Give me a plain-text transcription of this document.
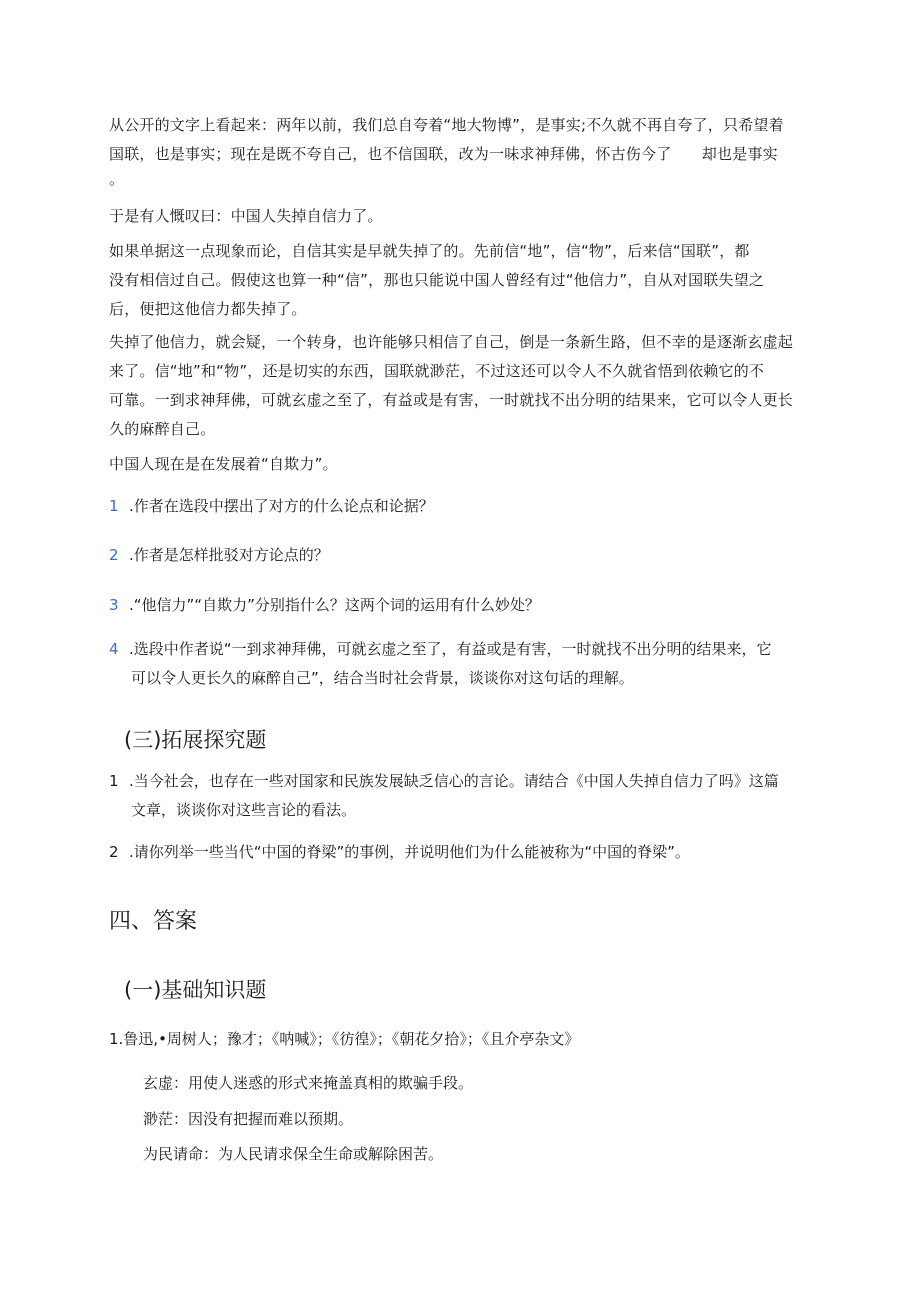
从公开的文字上看起来：两年以前，我们总自夸着“地大物博”，是事实;不久就不再自夸了，只希望着
国联，也是事实；现在是既不夸自己，也不信国联，改为一味求神拜佛，怀古伤今了　　却也是事实
。
于是有人慨叹曰：中国人失掉自信力了。
如果单据这一点现象而论，自信其实是早就失掉了的。先前信“地”，信“物”，后来信“国联”，都
没有相信过自己。假使这也算一种“信”，那也只能说中国人曾经有过“他信力”，自从对国联失望之
后，便把这他信力都失掉了。
失掉了他信力，就会疑，一个转身，也许能够只相信了自己，倒是一条新生路，但不幸的是逐渐玄虚起
来了。信“地”和“物”，还是切实的东西，国联就渺茫，不过这还可以令人不久就省悟到依赖它的不
可靠。一到求神拜佛，可就玄虚之至了，有益或是有害，一时就找不出分明的结果来，它可以令人更长
久的麻醉自己。
中国人现在是在发展着“自欺力”。
1 .作者在选段中摆出了对方的什么论点和论据？
2 .作者是怎样批驳对方论点的？
3 .“他信力”“自欺力”分别指什么？这两个词的运用有什么妙处？
4 .选段中作者说“一到求神拜佛，可就玄虚之至了，有益或是有害，一时就找不出分明的结果来，它
可以令人更长久的麻醉自己”，结合当时社会背景，谈谈你对这句话的理解。
(三)拓展探究题
1 .当今社会，也存在一些对国家和民族发展缺乏信心的言论。请结合《中国人失掉自信力了吗》这篇
文章，谈谈你对这些言论的看法。
2 .请你列举一些当代“中国的脊梁”的事例，并说明他们为什么能被称为“中国的脊梁”。
四、答案
(一)基础知识题
1.鲁迅,•周树人；豫才；《呐喊》；《彷徨》；《朝花夕拾》；《且介亭杂文》
玄虚：用使人迷惑的形式来掩盖真相的欺骗手段。
渺茫：因没有把握而难以预期。
为民请命：为人民请求保全生命或解除困苦。
